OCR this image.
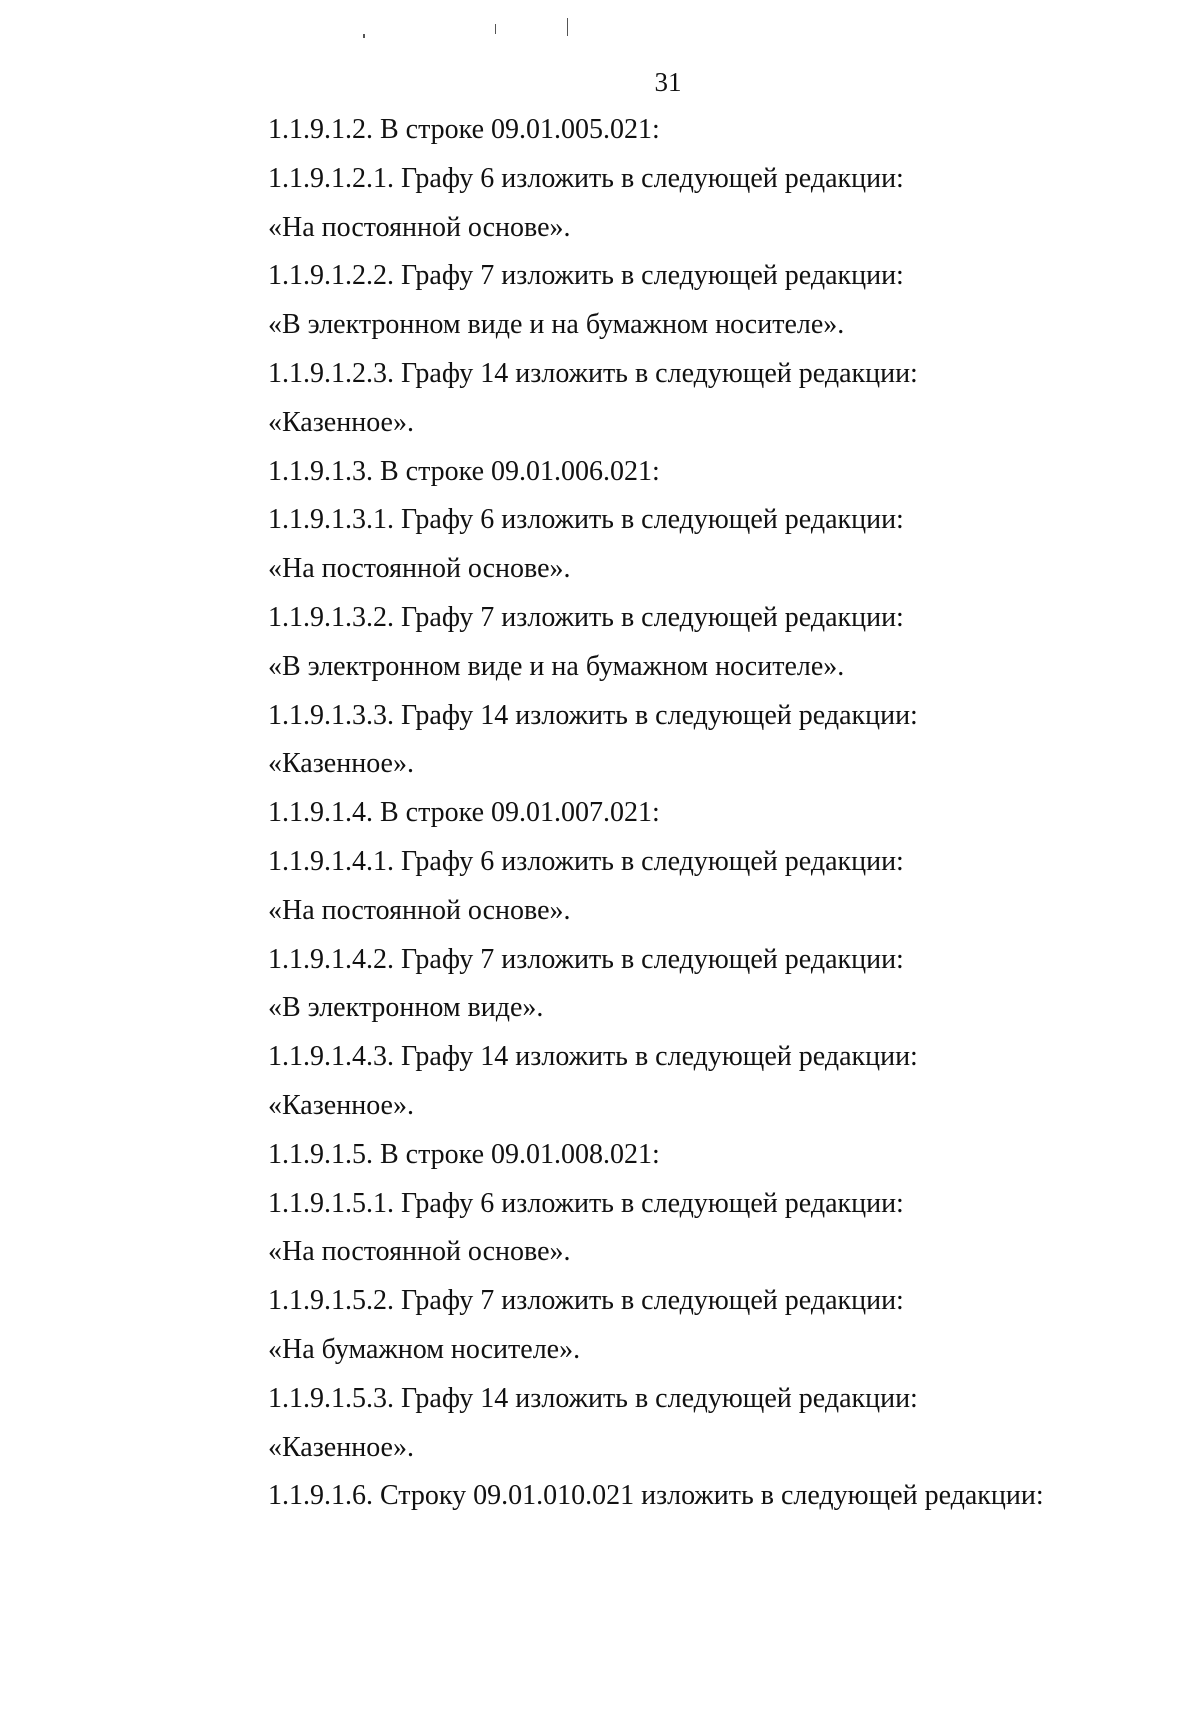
31
1.1.9.1.2. В строке 09.01.005.021:
1.1.9.1.2.1. Графу 6 изложить в следующей редакции:
«На постоянной основе».
1.1.9.1.2.2. Графу 7 изложить в следующей редакции:
«В электронном виде и на бумажном носителе».
1.1.9.1.2.3. Графу 14 изложить в следующей редакции:
«Казенное».
1.1.9.1.3. В строке 09.01.006.021:
1.1.9.1.3.1. Графу 6 изложить в следующей редакции:
«На постоянной основе».
1.1.9.1.3.2. Графу 7 изложить в следующей редакции:
«В электронном виде и на бумажном носителе».
1.1.9.1.3.3. Графу 14 изложить в следующей редакции:
«Казенное».
1.1.9.1.4. В строке 09.01.007.021:
1.1.9.1.4.1. Графу 6 изложить в следующей редакции:
«На постоянной основе».
1.1.9.1.4.2. Графу 7 изложить в следующей редакции:
«В электронном виде».
1.1.9.1.4.3. Графу 14 изложить в следующей редакции:
«Казенное».
1.1.9.1.5. В строке 09.01.008.021:
1.1.9.1.5.1. Графу 6 изложить в следующей редакции:
«На постоянной основе».
1.1.9.1.5.2. Графу 7 изложить в следующей редакции:
«На бумажном носителе».
1.1.9.1.5.3. Графу 14 изложить в следующей редакции:
«Казенное».
1.1.9.1.6. Строку 09.01.010.021 изложить в следующей редакции:
